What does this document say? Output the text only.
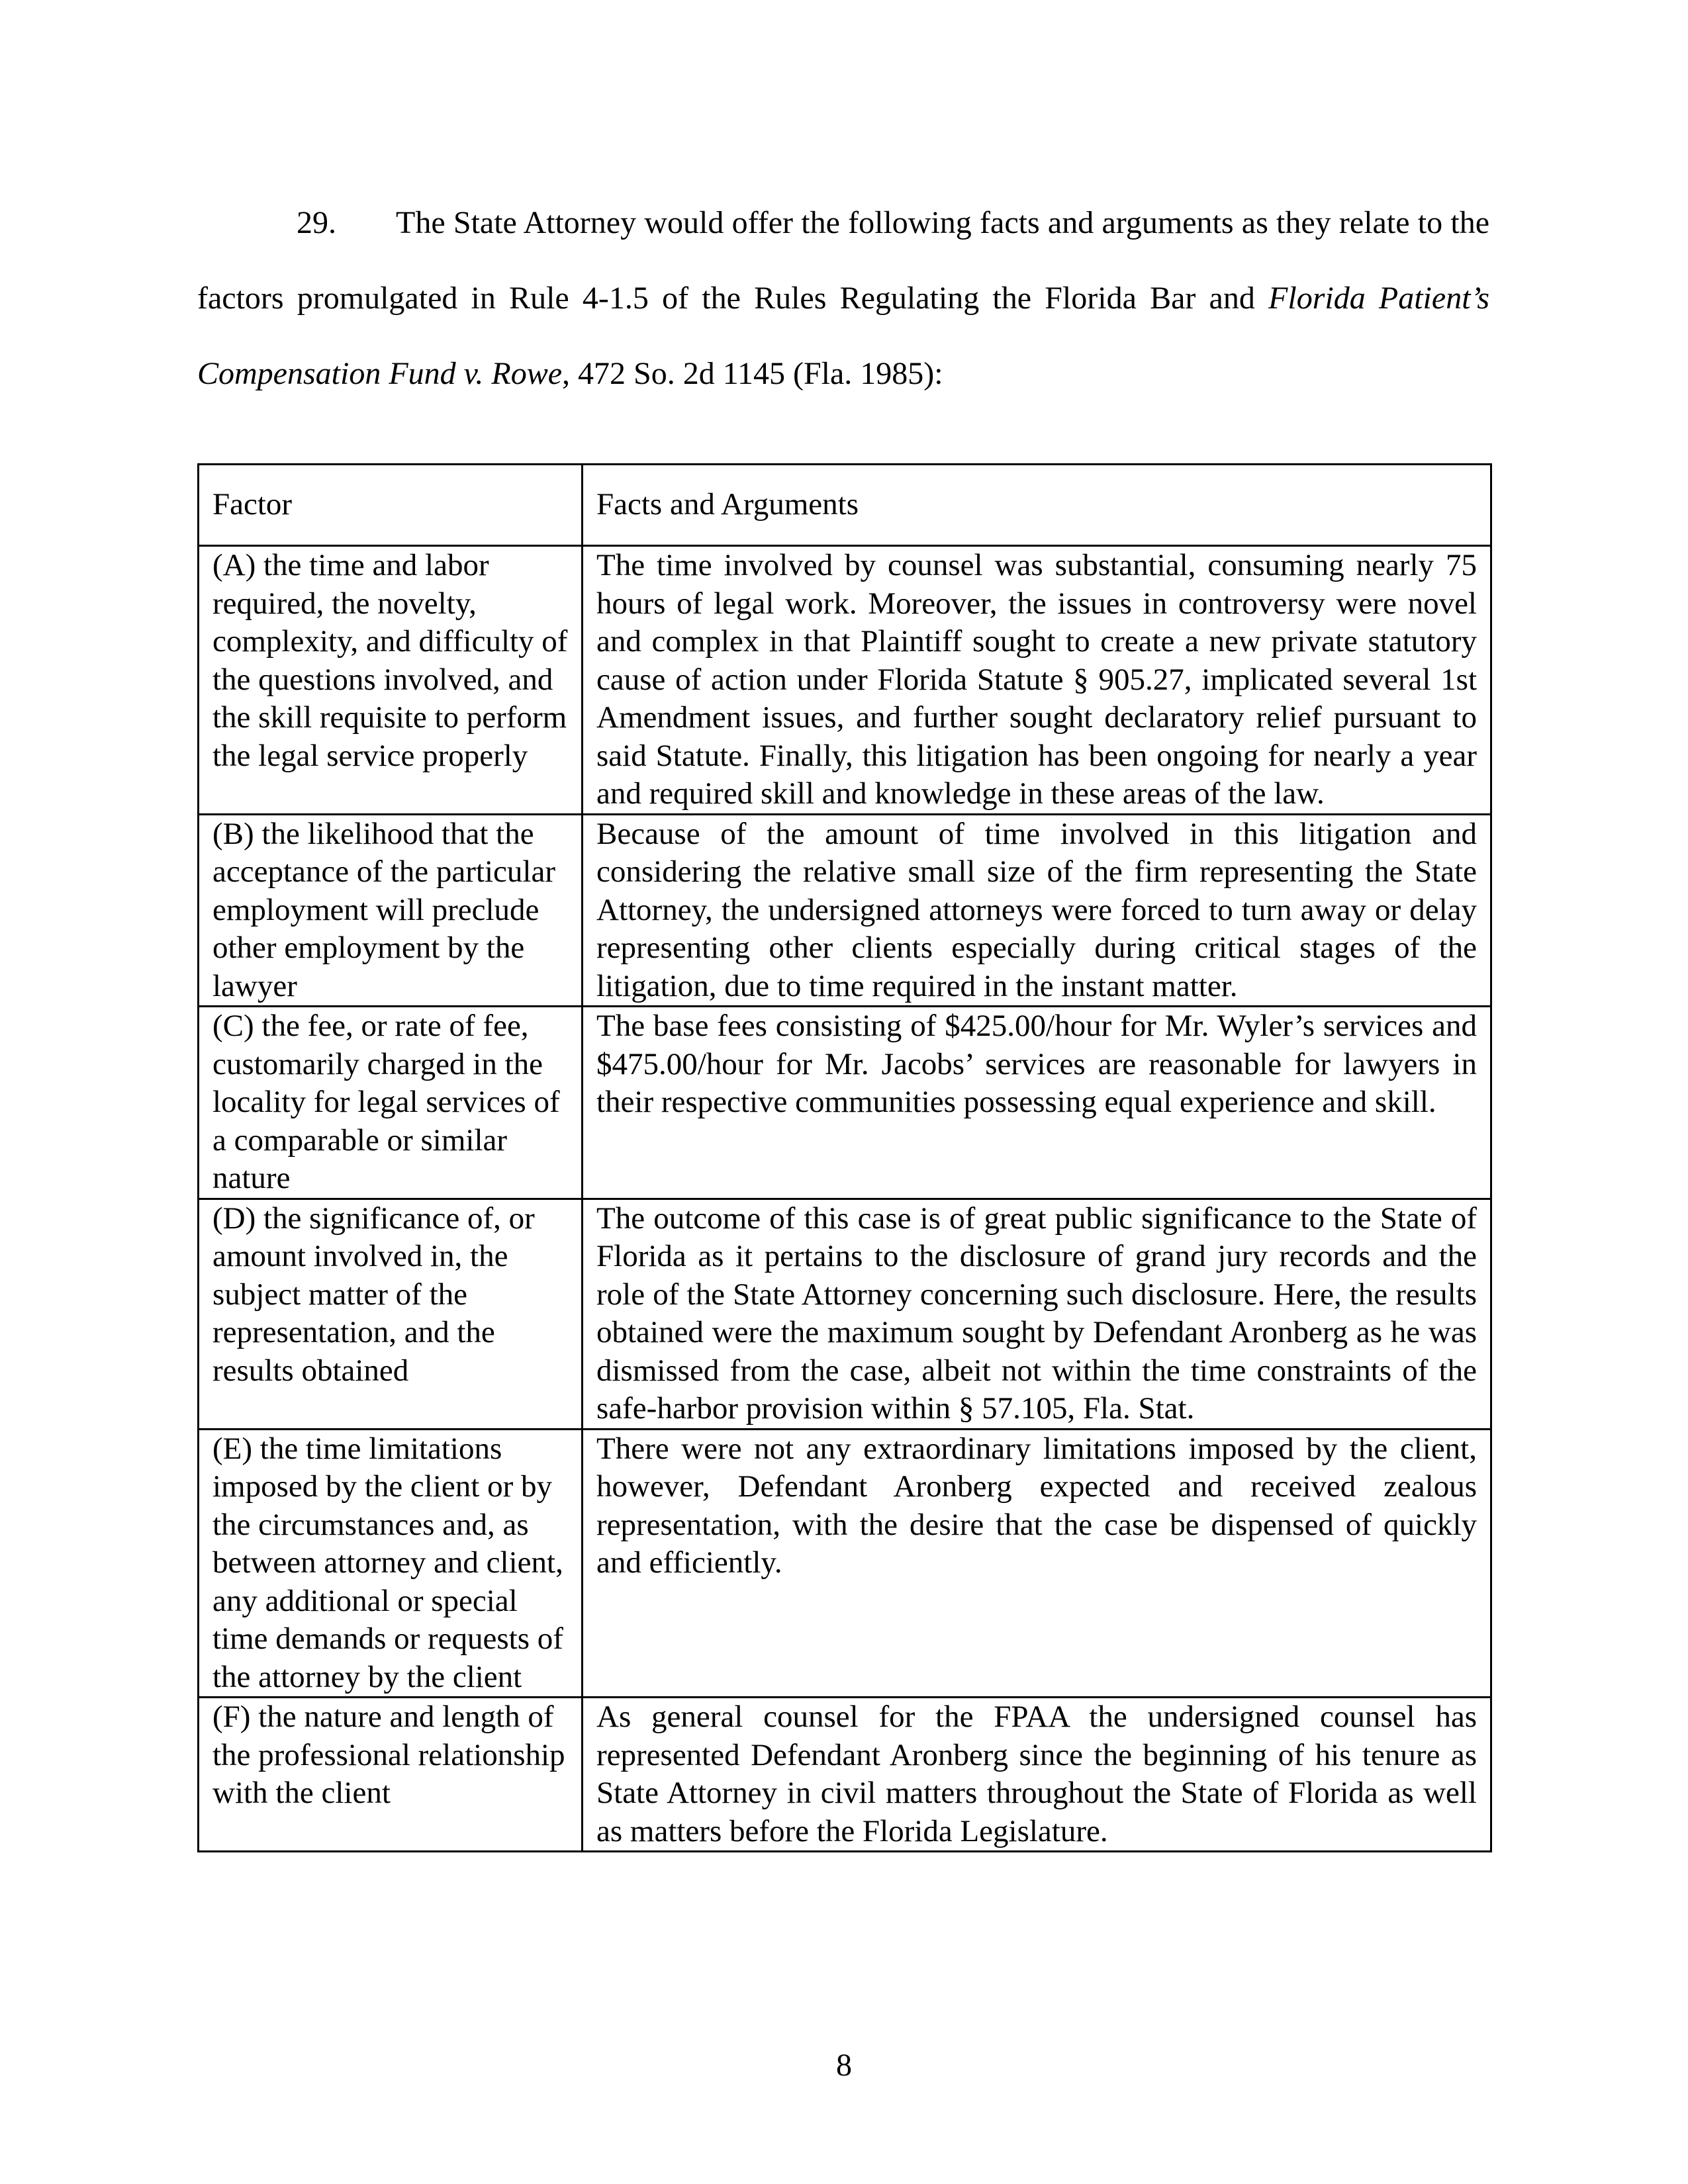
29. The State Attorney would offer the following facts and arguments as they relate to the factors promulgated in Rule 4-1.5 of the Rules Regulating the Florida Bar and Florida Patient’s Compensation Fund v. Rowe, 472 So. 2d 1145 (Fla. 1985):

Factor	Facts and Arguments
(A) the time and labor required, the novelty, complexity, and difficulty of the questions involved, and the skill requisite to perform the legal service properly	The time involved by counsel was substantial, consuming nearly 75 hours of legal work. Moreover, the issues in controversy were novel and complex in that Plaintiff sought to create a new private statutory cause of action under Florida Statute § 905.27, implicated several 1st Amendment issues, and further sought declaratory relief pursuant to said Statute. Finally, this litigation has been ongoing for nearly a year and required skill and knowledge in these areas of the law.
(B) the likelihood that the acceptance of the particular employment will preclude other employment by the lawyer	Because of the amount of time involved in this litigation and considering the relative small size of the firm representing the State Attorney, the undersigned attorneys were forced to turn away or delay representing other clients especially during critical stages of the litigation, due to time required in the instant matter.
(C) the fee, or rate of fee, customarily charged in the locality for legal services of a comparable or similar nature	The base fees consisting of $425.00/hour for Mr. Wyler’s services and $475.00/hour for Mr. Jacobs’ services are reasonable for lawyers in their respective communities possessing equal experience and skill.
(D) the significance of, or amount involved in, the subject matter of the representation, and the results obtained	The outcome of this case is of great public significance to the State of Florida as it pertains to the disclosure of grand jury records and the role of the State Attorney concerning such disclosure. Here, the results obtained were the maximum sought by Defendant Aronberg as he was dismissed from the case, albeit not within the time constraints of the safe-harbor provision within § 57.105, Fla. Stat.
(E) the time limitations imposed by the client or by the circumstances and, as between attorney and client, any additional or special time demands or requests of the attorney by the client	There were not any extraordinary limitations imposed by the client, however, Defendant Aronberg expected and received zealous representation, with the desire that the case be dispensed of quickly and efficiently.
(F) the nature and length of the professional relationship with the client	As general counsel for the FPAA the undersigned counsel has represented Defendant Aronberg since the beginning of his tenure as State Attorney in civil matters throughout the State of Florida as well as matters before the Florida Legislature.

8
